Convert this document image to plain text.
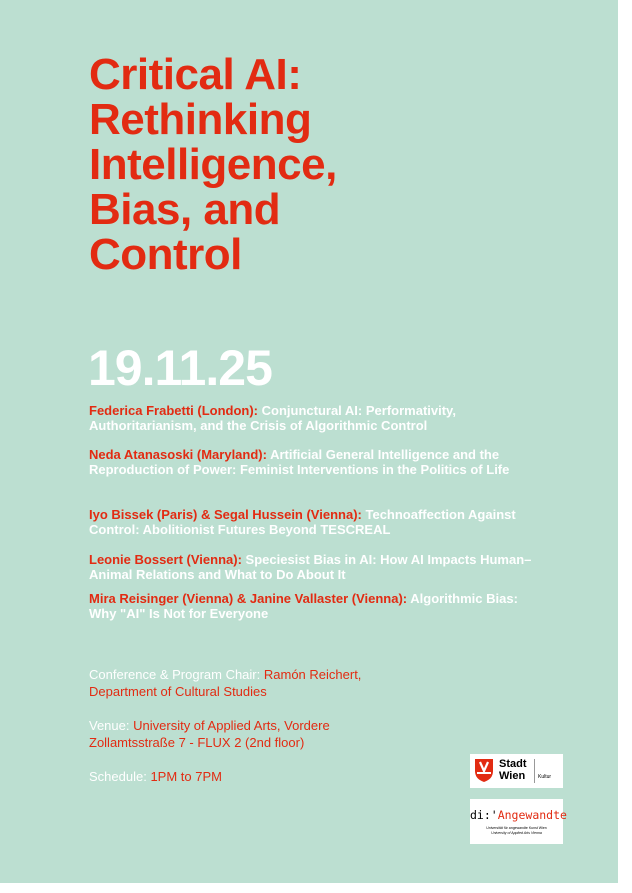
Critical AI:
Rethinking
Intelligence,
Bias, and
Control
19.11.25
Federica Frabetti (London): Conjunctural AI: Performativity, Authoritarianism, and the Crisis of Algorithmic Control
Neda Atanasoski (Maryland): Artificial General Intelligence and the Reproduction of Power: Feminist Interventions in the Politics of Life
Iyo Bissek (Paris) & Segal Hussein (Vienna): Technoaffection Against Control: Abolitionist Futures Beyond TESCREAL
Leonie Bossert (Vienna): Speciesist Bias in AI: How AI Impacts Human–Animal Relations and What to Do About It
Mira Reisinger (Vienna) & Janine Vallaster (Vienna): Algorithmic Bias: Why "AI" Is Not for Everyone
Conference & Program Chair: Ramón Reichert,
Department of Cultural Studies
Venue: University of Applied Arts, Vordere
Zollamtsstraße 7 - FLUX 2 (2nd floor)
Schedule: 1PM to 7PM
Stadt
Wien	Kultur
di:'Angewandte
Universität für angewandte Kunst Wien
University of Applied Arts Vienna
